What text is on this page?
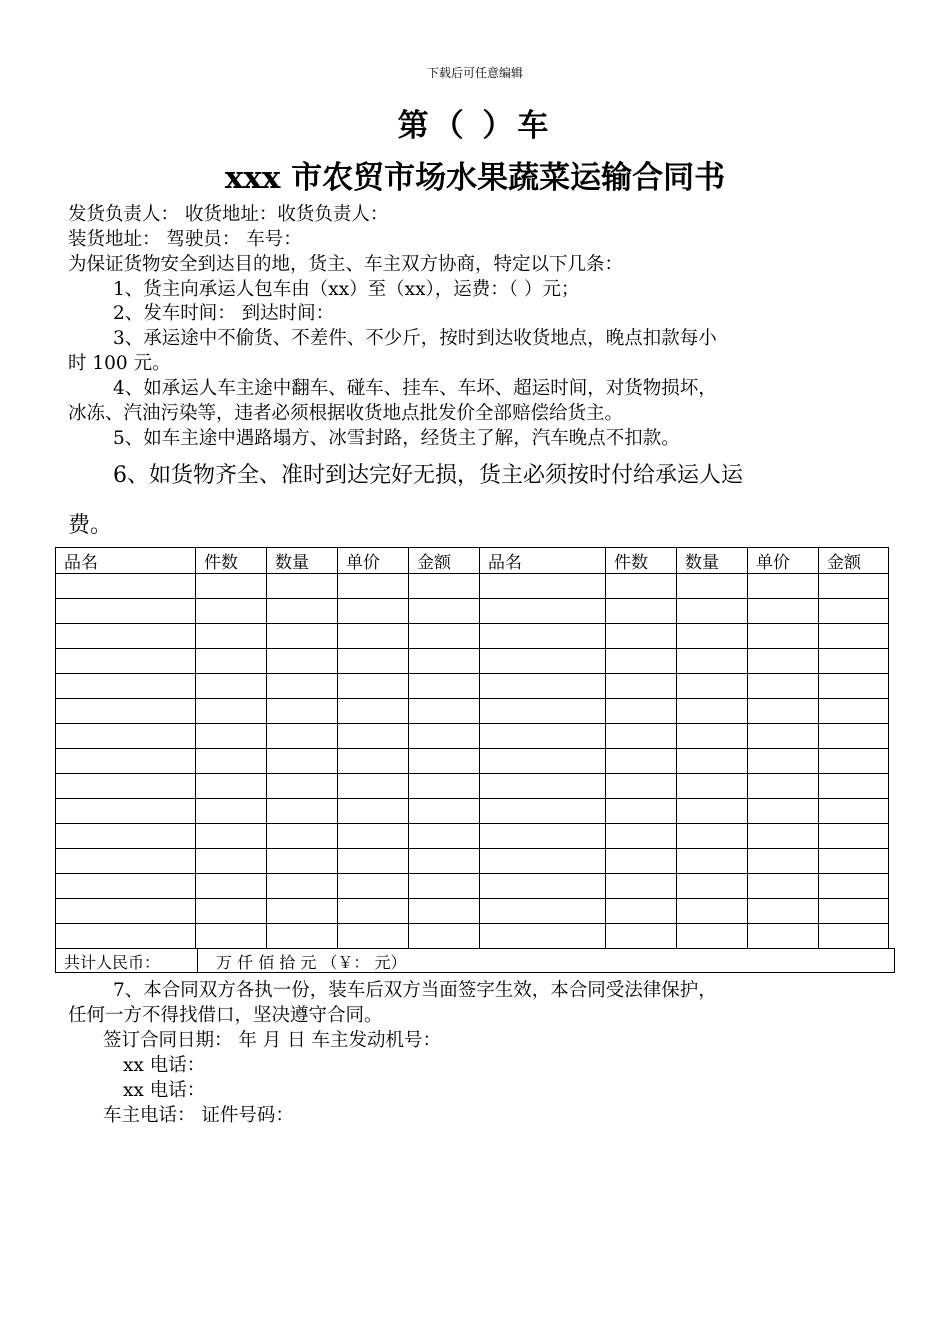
下载后可任意编辑
第（ ）车
xxx 市农贸市场水果蔬菜运输合同书
发货负责人： 收货地址：收货负责人：
装货地址： 驾驶员： 车号：
为保证货物安全到达目的地，货主、车主双方协商，特定以下几条：
1、货主向承运人包车由（xx）至（xx），运费：（ ）元；
2、发车时间： 到达时间：
3、承运途中不偷货、不差件、不少斤，按时到达收货地点，晚点扣款每小
时 100 元。
4、如承运人车主途中翻车、碰车、挂车、车坏、超运时间，对货物损坏，
冰冻、汽油污染等，违者必须根据收货地点批发价全部赔偿给货主。
5、如车主途中遇路塌方、冰雪封路，经货主了解，汽车晚点不扣款。
6、如货物齐全、准时到达完好无损，货主必须按时付给承运人运
费。
品名	件数	数量	单价	金额	品名	件数	数量	单价	金额

共计人民币：	万 仟 佰 拾 元 （￥： 元）
7、本合同双方各执一份，装车后双方当面签字生效，本合同受法律保护，
任何一方不得找借口，坚决遵守合同。
签订合同日期： 年 月 日 车主发动机号：
xx 电话：
xx 电话：
车主电话： 证件号码：
